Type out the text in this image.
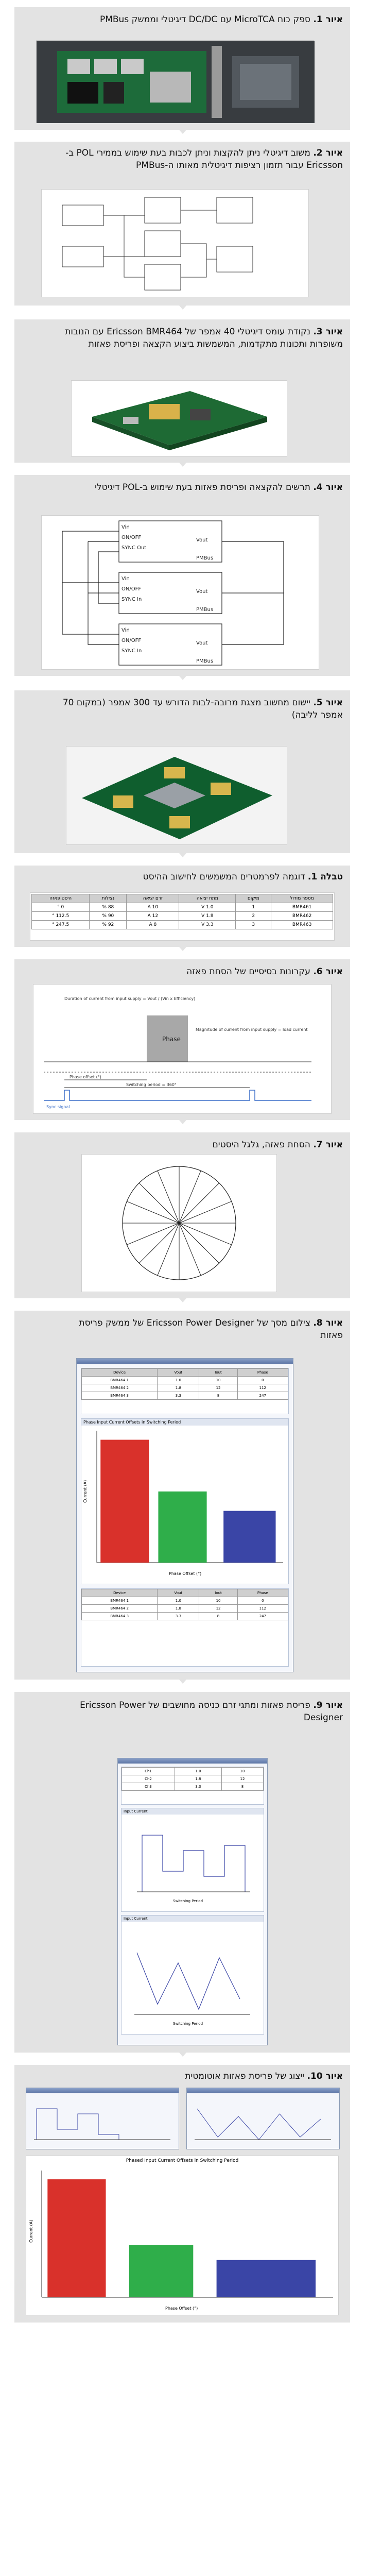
איור 1. ספק כוח MicroTCA עם DC/DC דיגיטלי וממשק PMBus
איור 2. משוב דיגיטלי ניתן להקצות וניתן לכבות בעת שימוש בממירי POL ב-Ericsson עבור תזמון רציפות דיגיטלית מאותו ה-PMBus
איור 3. נקודת עומס דיגיטלי 40 אמפר של Ericsson BMR464 עם הנובות משופרות ותכונות מתקדמות, המשמשות ביצוע הקצאה ופריסת פאזות
איור 4. תרשים להקצאה ופריסת פאזות בעת שימוש ב-POL דיגיטלי
Vin
ON/OFF
SYNC Out
Vout
PMBus
Vin
ON/OFF
SYNC In
Vout
PMBus
Vin
ON/OFF
SYNC In
Vout
PMBus
איור 5. יישום מחשוב מצגת מרובה-לבות הדורש עד 300 אמפר (במקום 70 אמפר לליבה)
טבלה 1. דוגמה לפרמטרים המשמשים לחישוב ההיסט
מספר מודול	מיקום	מתח יציאה	זרם יציאה	נצילות	היסט פאזה
BMR461	1	1.0 V	10 A	88 %	0 °
BMR462	2	1.8 V	12 A	90 %	112.5 °
BMR463	3	3.3 V	8 A	92 %	247.5 °
איור 6. עקרונות בסיסיים של הסחת פאזה
Phase
Duration of current from input supply = Vout / (Vin x Efficiency)
Magnitude of current from input supply = load current
Phase offset (°)
Switching period = 360°
Sync signal
איור 7. הסחת פאזה, גלגל היסטים
איור 8. צילום מסך של Ericsson Power Designer של ממשק פריסת פאזות
Device	Vout	Iout	Phase
BMR464 1	1.0	10	0
BMR464 2	1.8	12	112
BMR464 3	3.3	8	247
Phase Input Current Offsets in Switching Period
Current (A)
Phase Offset (°)
Device	Vout	Iout	Phase
BMR464 1	1.0	10	0
BMR464 2	1.8	12	112
BMR464 3	3.3	8	247
איור 9. פריסת פאזות ומתגי זרם כניסה מחושבים של Ericsson Power Designer
Ch1	1.0	10
Ch2	1.8	12
Ch3	3.3	8
Input Current
Switching Period
Input Current
Switching Period
איור 10. ייצוג של פריסת פאזות אוטומטית
Phased Input Current Offsets in Switching Period
Current (A)
Phase Offset (°)
